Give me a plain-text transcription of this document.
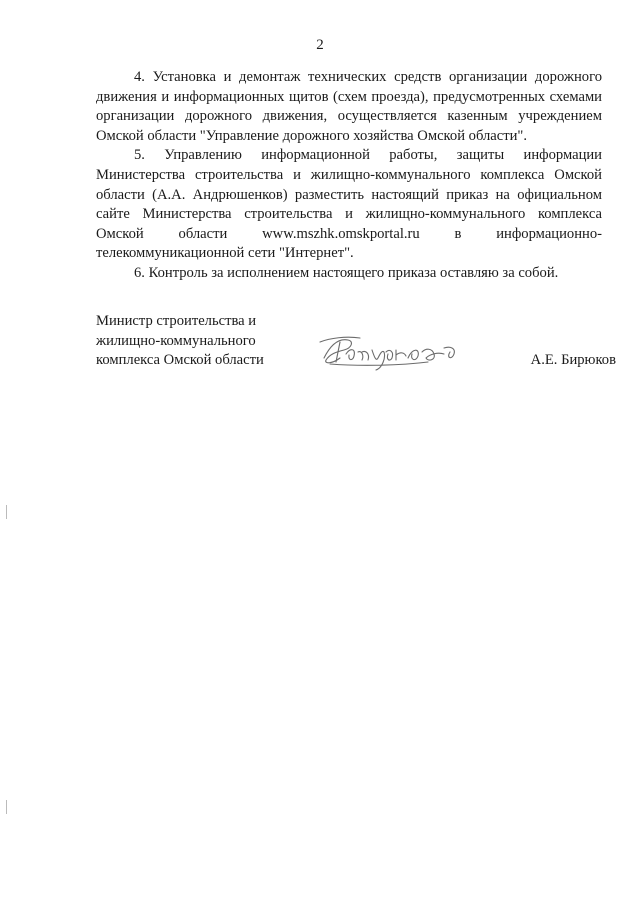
2

4. Установка и демонтаж технических средств организации дорожного движения и информационных щитов (схем проезда), предусмотренных схемами организации дорожного движения, осуществляется казенным учреждением Омской области "Управление дорожного хозяйства Омской области".

5. Управлению информационной работы, защиты информации Министерства строительства и жилищно-коммунального комплекса Омской области (А.А. Андрюшенков) разместить настоящий приказ на официальном сайте Министерства строительства и жилищно-коммунального комплекса Омской области www.mszhk.omskportal.ru в информационно-телекоммуникационной сети "Интернет".

6. Контроль за исполнением настоящего приказа оставляю за собой.

Министр строительства и
жилищно-коммунального
комплекса Омской области	А.Е. Бирюков
